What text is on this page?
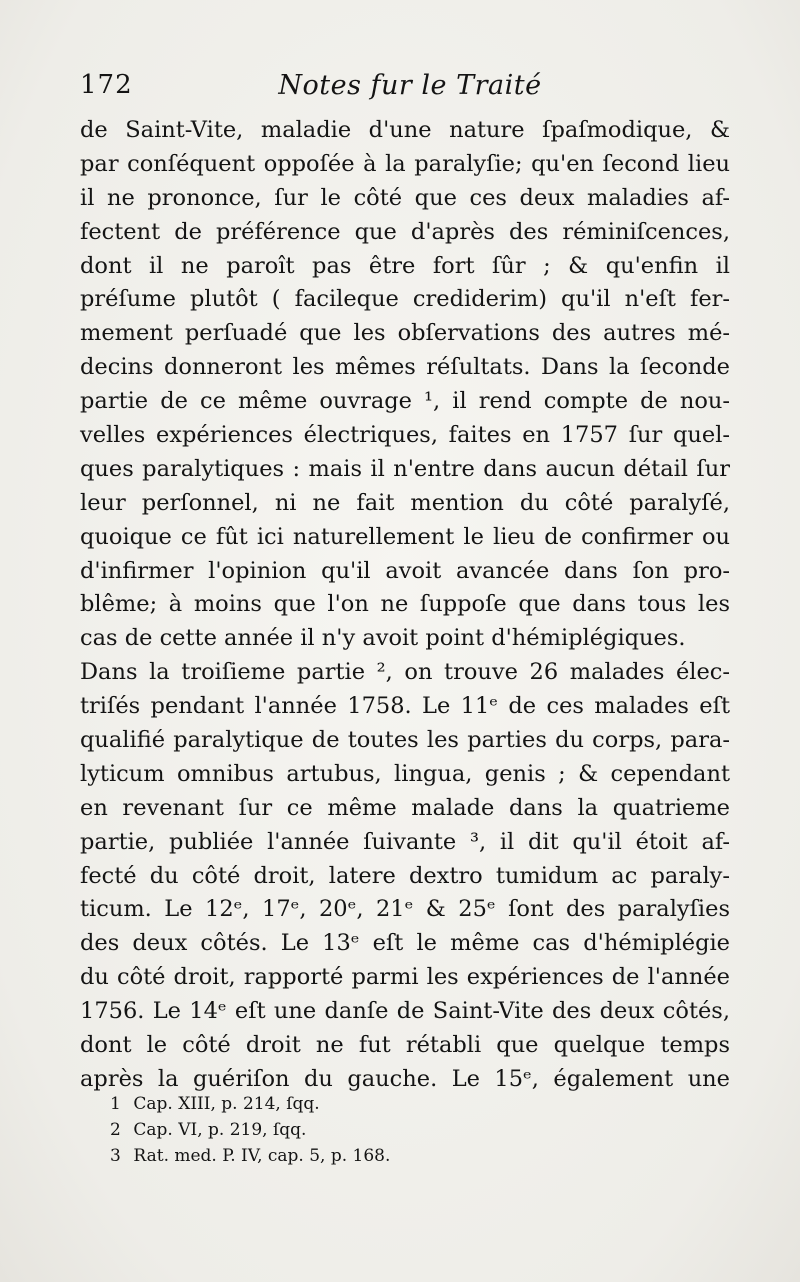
172	Notes fur le Traité
de Saint-Vite, maladie d'une nature ſpaſmodique, &
par conſéquent oppoſée à la paralyſie; qu'en ſecond lieu
il ne prononce, ſur le côté que ces deux maladies af-
fectent de préférence que d'après des réminiſcences,
dont il ne paroît pas être fort ſûr ; & qu'enfin il
préſume plutôt ( facileque crediderim) qu'il n'eſt fer-
mement perſuadé que les obſervations des autres mé-
decins donneront les mêmes réſultats. Dans la ſeconde
partie de ce même ouvrage ¹, il rend compte de nou-
velles expériences électriques, faites en 1757 ſur quel-
ques paralytiques : mais il n'entre dans aucun détail ſur
leur perſonnel, ni ne fait mention du côté paralyſé,
quoique ce fût ici naturellement le lieu de confirmer ou
d'infirmer l'opinion qu'il avoit avancée dans ſon pro-
blême; à moins que l'on ne ſuppoſe que dans tous les
cas de cette année il n'y avoit point d'hémiplégiques.
Dans la troiſieme partie ², on trouve 26 malades élec-
triſés pendant l'année 1758. Le 11ᵉ de ces malades eſt
qualifié paralytique de toutes les parties du corps, para-
lyticum omnibus artubus, lingua, genis ; & cependant
en revenant ſur ce même malade dans la quatrieme
partie, publiée l'année ſuivante ³, il dit qu'il étoit af-
fecté du côté droit, latere dextro tumidum ac paraly-
ticum. Le 12ᵉ, 17ᵉ, 20ᵉ, 21ᵉ & 25ᵉ ſont des paralyſies
des deux côtés. Le 13ᵉ eſt le même cas d'hémiplégie
du côté droit, rapporté parmi les expériences de l'année
1756. Le 14ᵉ eſt une danſe de Saint-Vite des deux côtés,
dont le côté droit ne fut rétabli que quelque temps
après la guériſon du gauche. Le 15ᵉ, également une
1 Cap. XIII, p. 214, ſqq.
2 Cap. VI, p. 219, ſqq.
3 Rat. med. P. IV, cap. 5, p. 168.
